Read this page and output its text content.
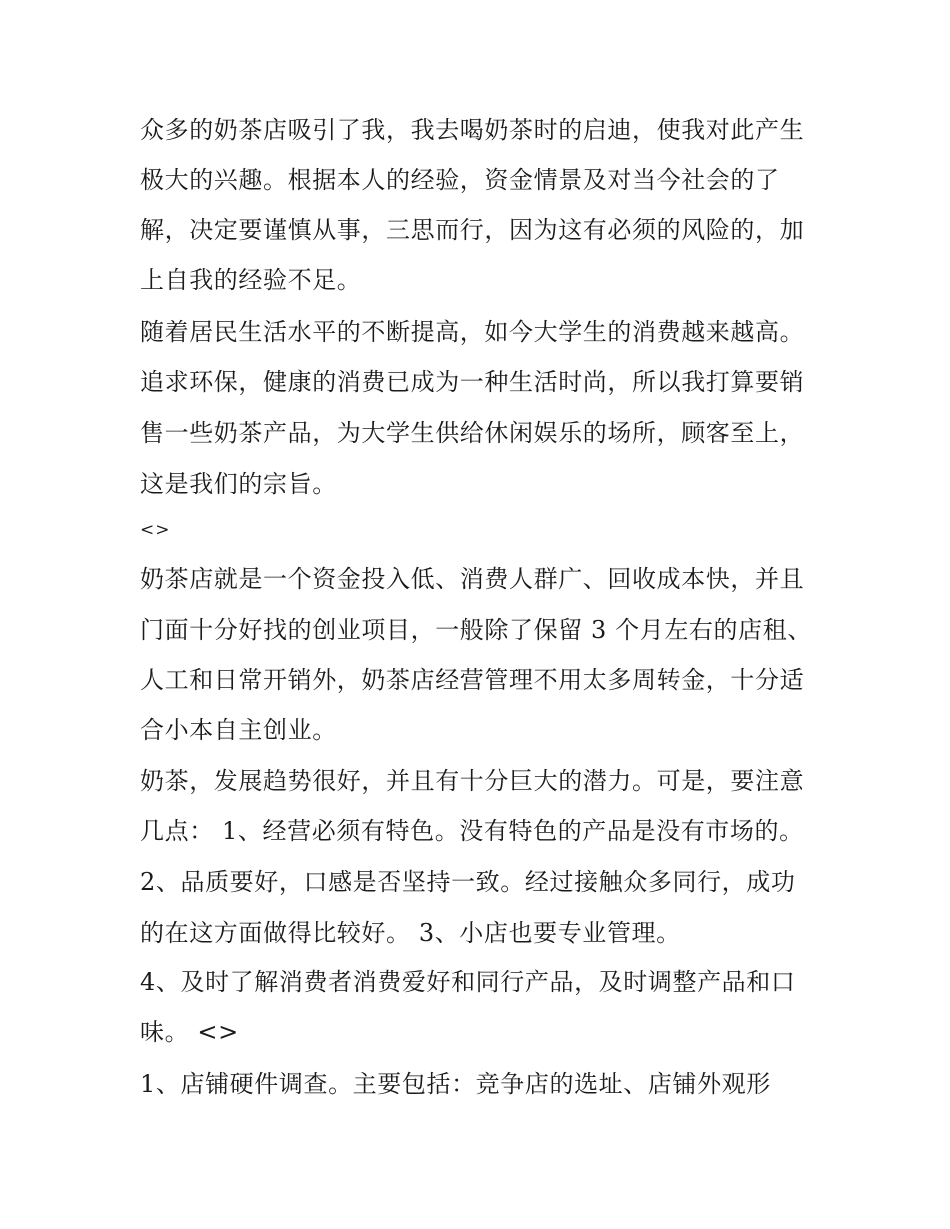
众多的奶茶店吸引了我，我去喝奶茶时的启迪，使我对此产生
极大的兴趣。根据本人的经验，资金情景及对当今社会的了
解，决定要谨慎从事，三思而行，因为这有必须的风险的，加
上自我的经验不足。
随着居民生活水平的不断提高，如今大学生的消费越来越高。
追求环保，健康的消费已成为一种生活时尚，所以我打算要销
售一些奶茶产品，为大学生供给休闲娱乐的场所，顾客至上，
这是我们的宗旨。
<>
奶茶店就是一个资金投入低、消费人群广、回收成本快，并且
门面十分好找的创业项目，一般除了保留 3 个月左右的店租、
人工和日常开销外，奶茶店经营管理不用太多周转金，十分适
合小本自主创业。
奶茶，发展趋势很好，并且有十分巨大的潜力。可是，要注意
几点： 1、经营必须有特色。没有特色的产品是没有市场的。
2、品质要好，口感是否坚持一致。经过接触众多同行，成功
的在这方面做得比较好。 3、小店也要专业管理。
4、及时了解消费者消费爱好和同行产品，及时调整产品和口
味。 <>
1、店铺硬件调查。主要包括：竞争店的选址、店铺外观形
